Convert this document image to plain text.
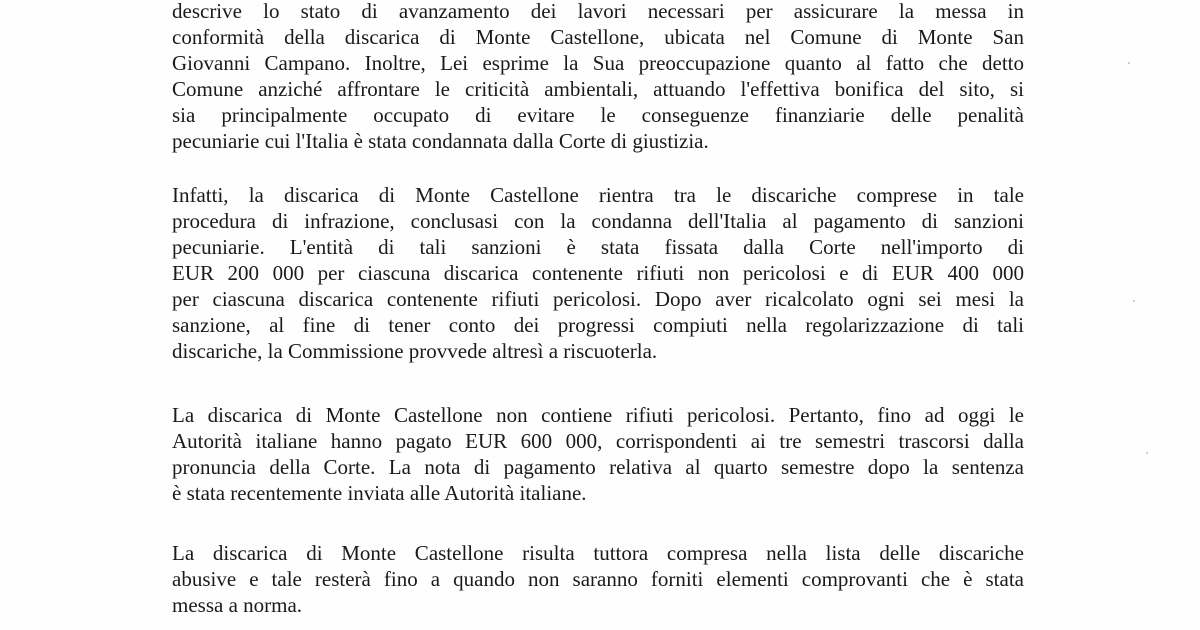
descrive lo stato di avanzamento dei lavori necessari per assicurare la messa in
conformità della discarica di Monte Castellone, ubicata nel Comune di Monte San
Giovanni Campano. Inoltre, Lei esprime la Sua preoccupazione quanto al fatto che detto
Comune anziché affrontare le criticità ambientali, attuando l'effettiva bonifica del sito, si
sia principalmente occupato di evitare le conseguenze finanziarie delle penalità
pecuniarie cui l'Italia è stata condannata dalla Corte di giustizia.
Infatti, la discarica di Monte Castellone rientra tra le discariche comprese in tale
procedura di infrazione, conclusasi con la condanna dell'Italia al pagamento di sanzioni
pecuniarie. L'entità di tali sanzioni è stata fissata dalla Corte nell'importo di
EUR 200 000 per ciascuna discarica contenente rifiuti non pericolosi e di EUR 400 000
per ciascuna discarica contenente rifiuti pericolosi. Dopo aver ricalcolato ogni sei mesi la
sanzione, al fine di tener conto dei progressi compiuti nella regolarizzazione di tali
discariche, la Commissione provvede altresì a riscuoterla.
La discarica di Monte Castellone non contiene rifiuti pericolosi. Pertanto, fino ad oggi le
Autorità italiane hanno pagato EUR 600 000, corrispondenti ai tre semestri trascorsi dalla
pronuncia della Corte. La nota di pagamento relativa al quarto semestre dopo la sentenza
è stata recentemente inviata alle Autorità italiane.
La discarica di Monte Castellone risulta tuttora compresa nella lista delle discariche
abusive e tale resterà fino a quando non saranno forniti elementi comprovanti che è stata
messa a norma.
